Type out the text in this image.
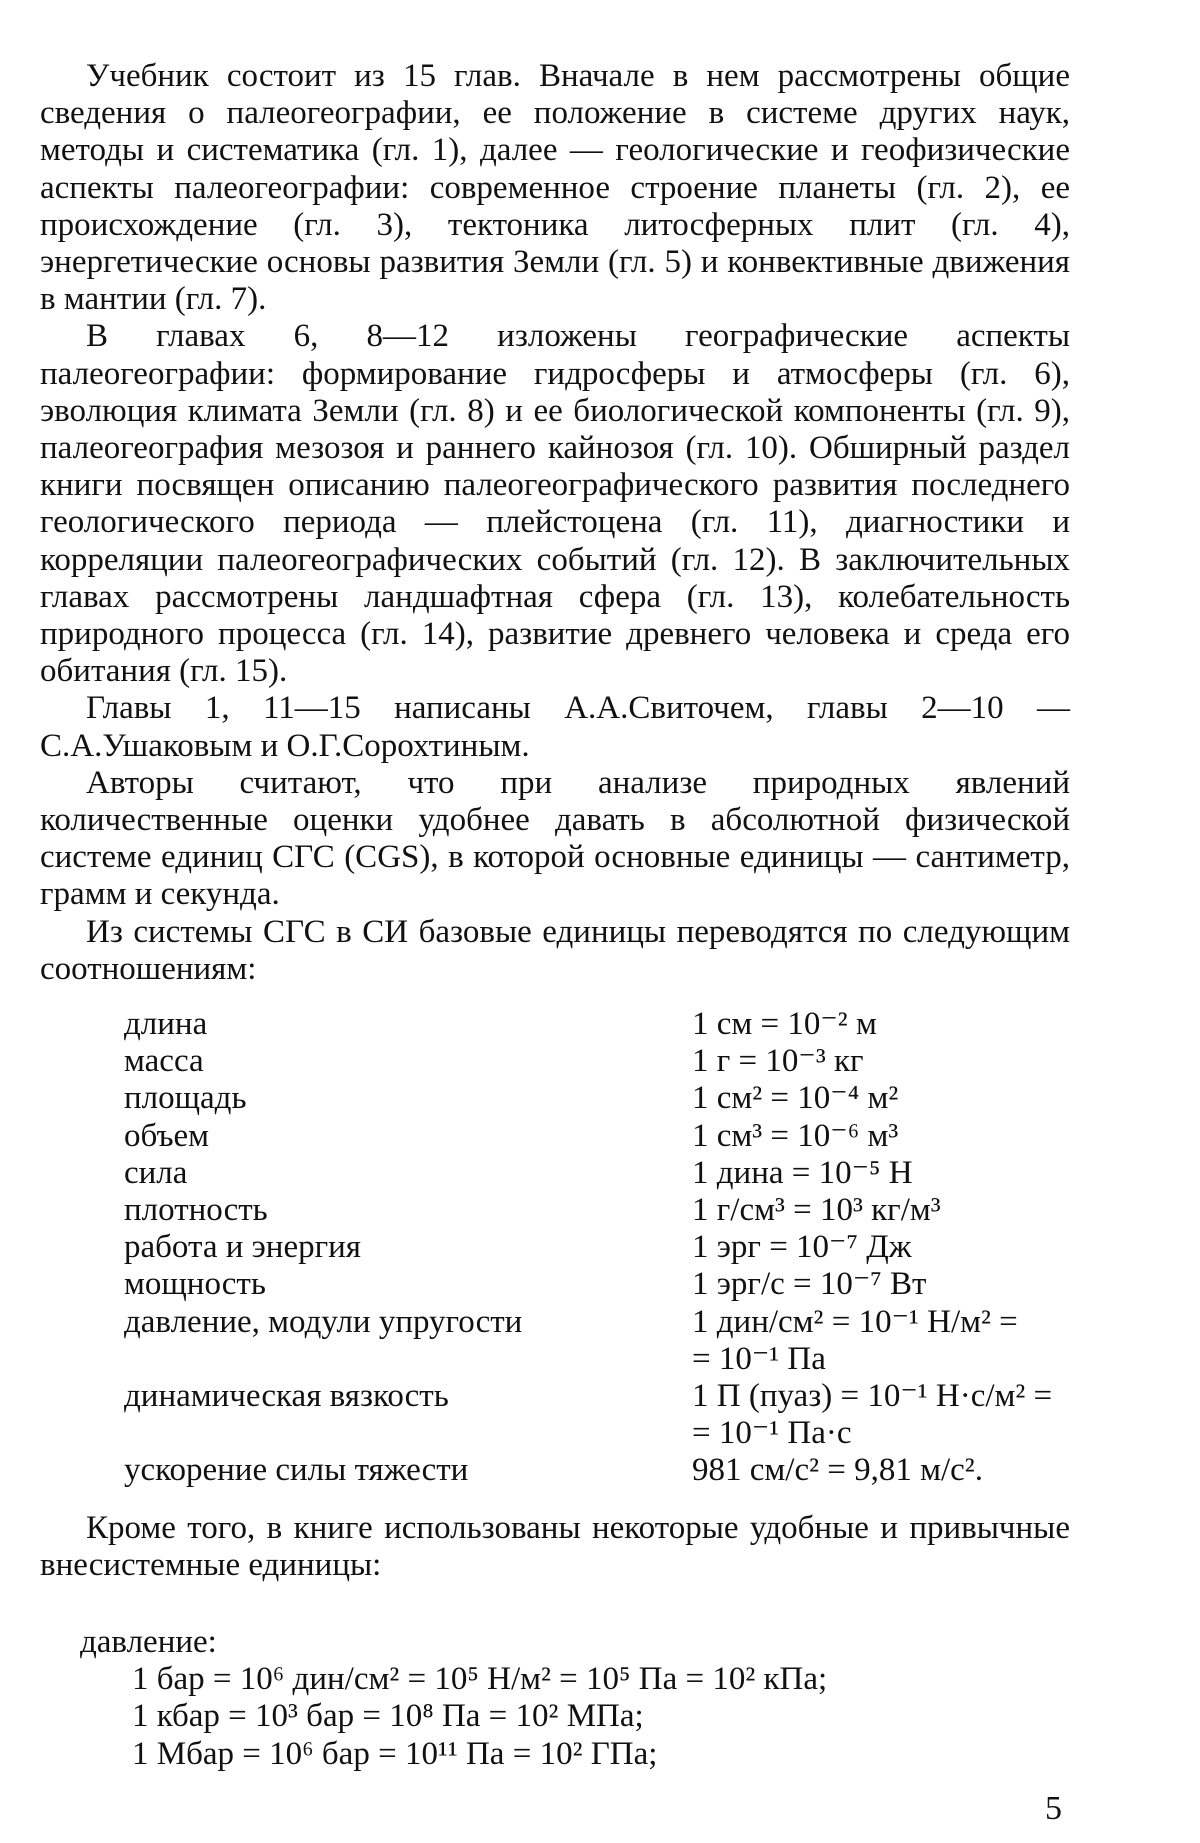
Учебник состоит из 15 глав. Вначале в нем рассмотрены общие сведения о палеогеографии, ее положение в системе других наук, методы и систематика (гл. 1), далее — геологические и геофизические аспекты палеогеографии: современное строение планеты (гл. 2), ее происхождение (гл. 3), тектоника литосферных плит (гл. 4), энергетические основы развития Земли (гл. 5) и конвективные движения в мантии (гл. 7).

В главах 6, 8—12 изложены географические аспекты палеогеографии: формирование гидросферы и атмосферы (гл. 6), эволюция климата Земли (гл. 8) и ее биологической компоненты (гл. 9), палеогеография мезозоя и раннего кайнозоя (гл. 10). Обширный раздел книги посвящен описанию палеогеографического развития последнего геологического периода — плейстоцена (гл. 11), диагностики и корреляции палеогеографических событий (гл. 12). В заключительных главах рассмотрены ландшафтная сфера (гл. 13), колебательность природного процесса (гл. 14), развитие древнего человека и среда его обитания (гл. 15).

Главы 1, 11—15 написаны А.А.Свиточем, главы 2—10 — С.А.Ушаковым и О.Г.Сорохтиным.

Авторы считают, что при анализе природных явлений количественные оценки удобнее давать в абсолютной физической системе единиц СГС (CGS), в которой основные единицы — сантиметр, грамм и секунда.

Из системы СГС в СИ базовые единицы переводятся по следующим соотношениям:

длина	1 см = 10⁻² м
масса	1 г = 10⁻³ кг
площадь	1 см² = 10⁻⁴ м²
объем	1 см³ = 10⁻⁶ м³
сила	1 дина = 10⁻⁵ Н
плотность	1 г/см³ = 10³ кг/м³
работа и энергия	1 эрг = 10⁻⁷ Дж
мощность	1 эрг/с = 10⁻⁷ Вт
давление, модули упругости	1 дин/см² = 10⁻¹ Н/м² =
= 10⁻¹ Па
динамическая вязкость	1 П (пуаз) = 10⁻¹ Н·с/м² =
= 10⁻¹ Па·с
ускорение силы тяжести	981 см/с² = 9,81 м/с².

Кроме того, в книге использованы некоторые удобные и привычные внесистемные единицы:

давление:
1 бар = 10⁶ дин/см² = 10⁵ Н/м² = 10⁵ Па = 10² кПа;
1 кбар = 10³ бар = 10⁸ Па = 10² МПа;
1 Мбар = 10⁶ бар = 10¹¹ Па = 10² ГПа;
5
